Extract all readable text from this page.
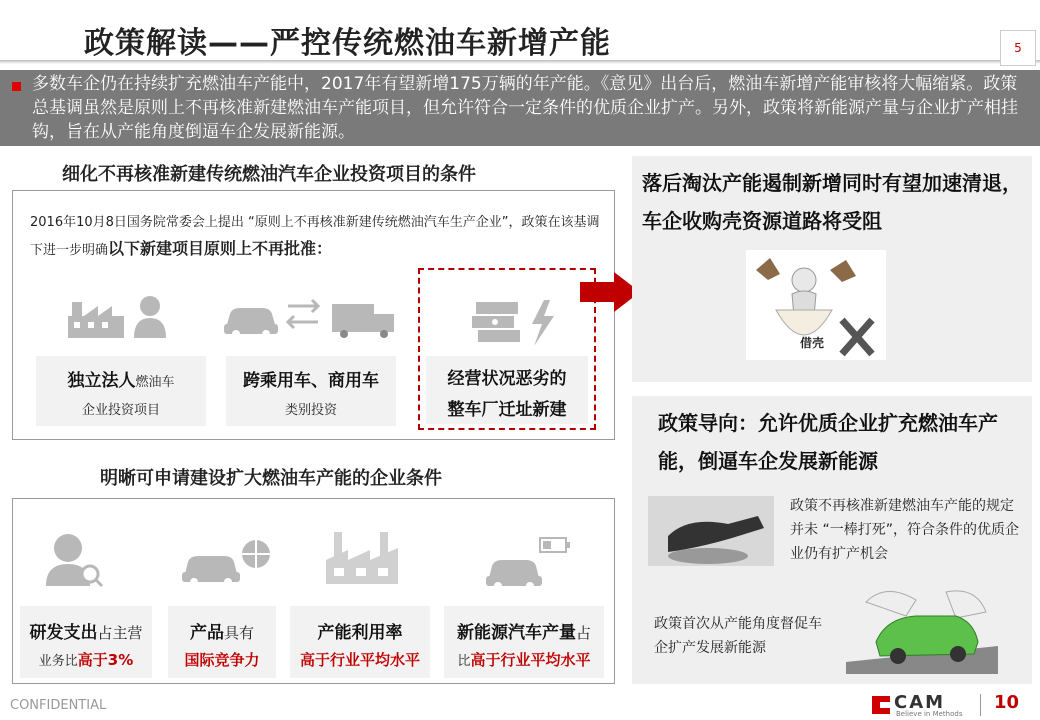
政策解读——严控传统燃油车新增产能	5
多数车企仍在持续扩充燃油车产能中，2017年有望新增175万辆的年产能。《意见》出台后，燃油车新增产能审核将大幅缩紧。政策总基调虽然是原则上不再核准新建燃油车产能项目，但允许符合一定条件的优质企业扩产。另外，政策将新能源产量与企业扩产相挂钩，旨在从产能角度倒逼车企发展新能源。
细化不再核准新建传统燃油汽车企业投资项目的条件
2016年10月8日国务院常委会上提出 “原则上不再核准新建传统燃油汽车生产企业”，政策在该基调下进一步明确以下新建项目原则上不再批准：
独立法人燃油车
企业投资项目
跨乘用车、商用车
类别投资
经营状况恶劣的
整车厂迁址新建
明晰可申请建设扩大燃油车产能的企业条件
研发支出占主营
业务比高于3%
产品具有
国际竞争力
产能利用率
高于行业平均水平
新能源汽车产量占
比高于行业平均水平
落后淘汰产能遏制新增同时有望加速清退，车企收购壳资源道路将受阻
借壳
政策导向：允许优质企业扩充燃油车产能，倒逼车企发展新能源
政策不再核准新建燃油车产能的规定并未 “一棒打死”，符合条件的优质企业仍有扩产机会
政策首次从产能角度督促车企扩产发展新能源
CONFIDENTIAL	CAM
Believe in Methods
10
